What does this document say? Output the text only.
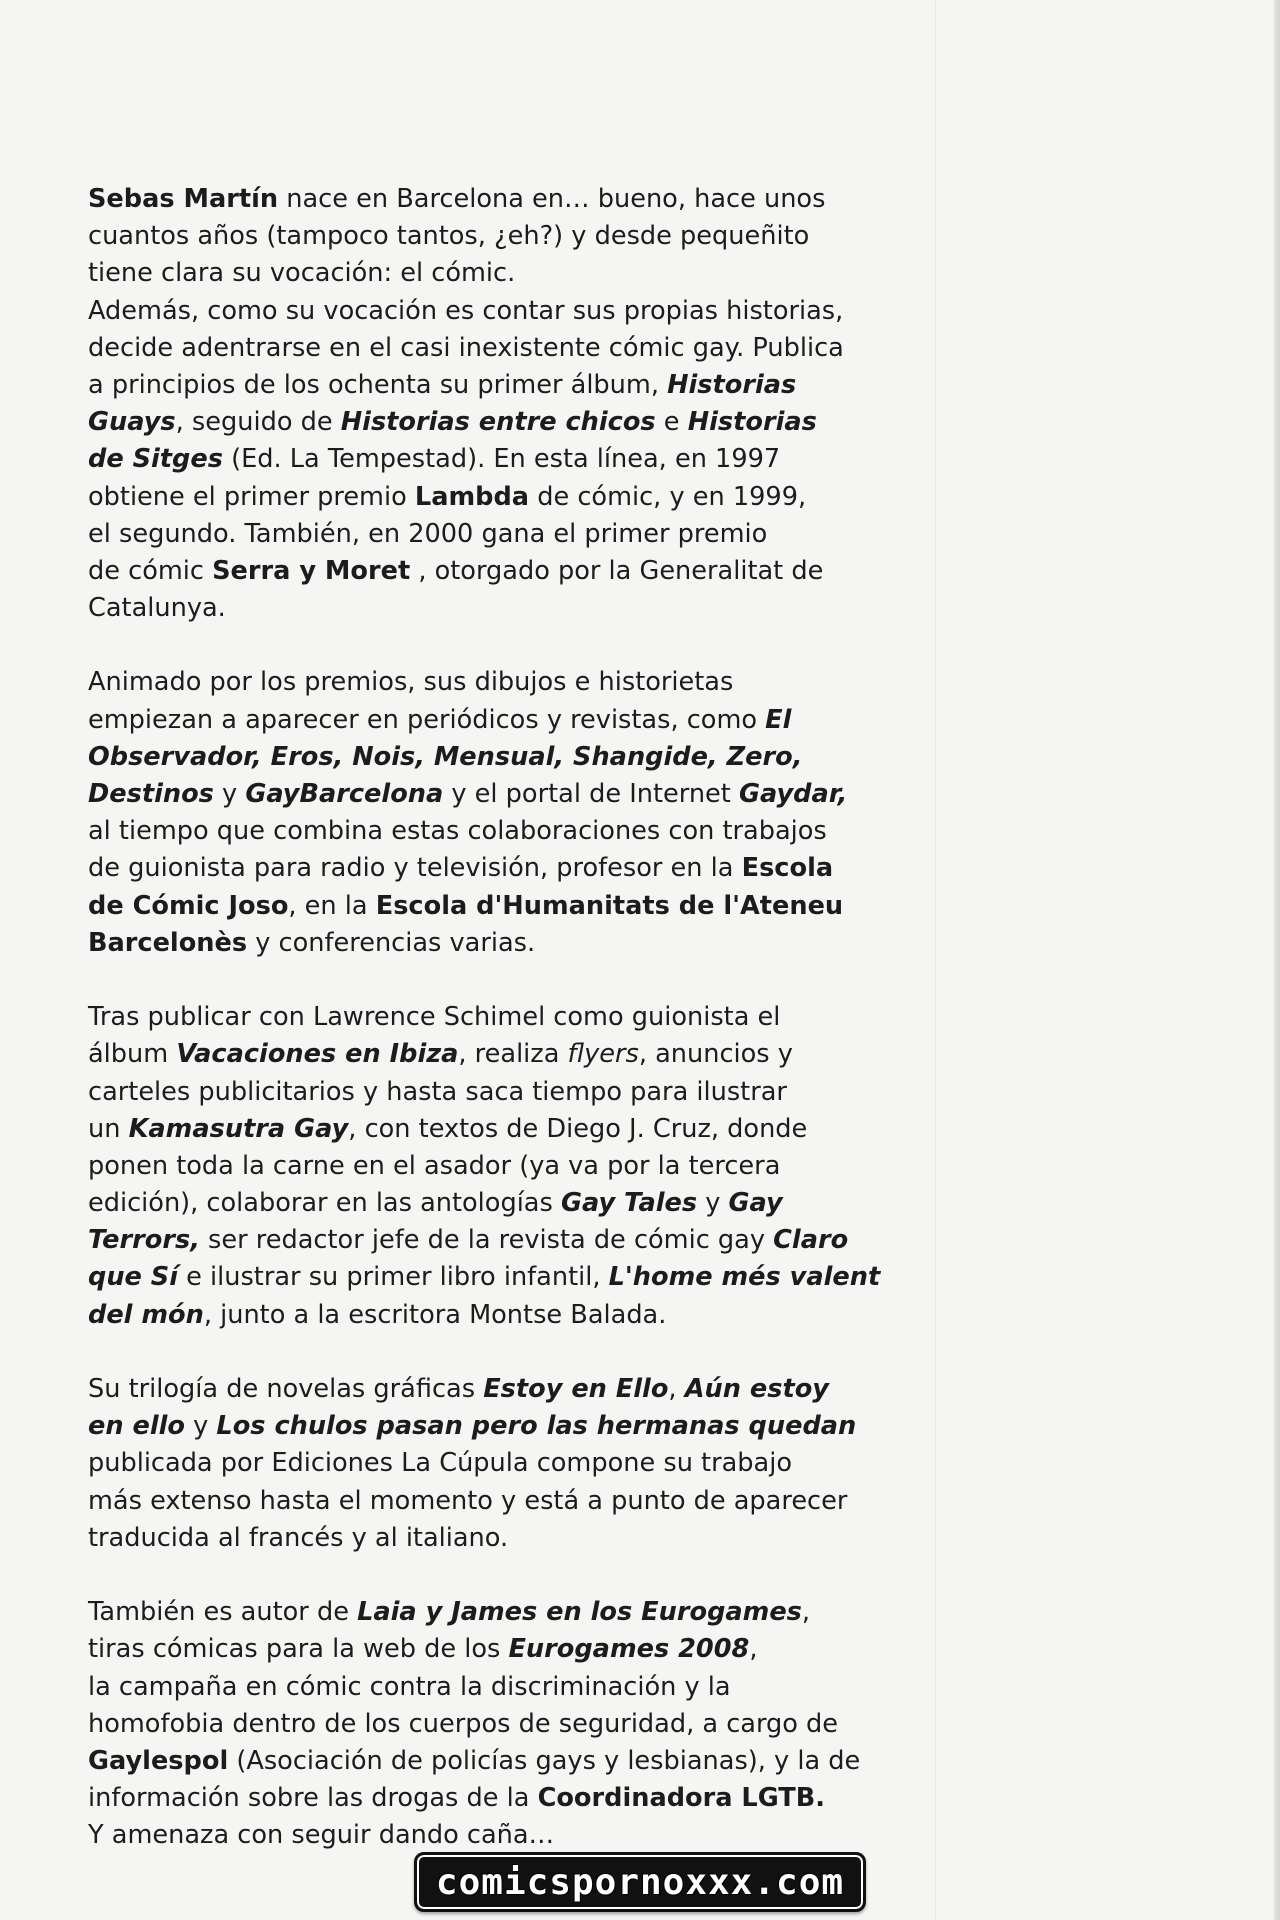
Sebas Martín nace en Barcelona en… bueno, hace unos
cuantos años (tampoco tantos, ¿eh?) y desde pequeñito
tiene clara su vocación: el cómic.
Además, como su vocación es contar sus propias historias,
decide adentrarse en el casi inexistente cómic gay. Publica
a principios de los ochenta su primer álbum, Historias
Guays, seguido de Historias entre chicos e Historias
de Sitges (Ed. La Tempestad). En esta línea, en 1997
obtiene el primer premio Lambda de cómic, y en 1999,
el segundo. También, en 2000 gana el primer premio
de cómic Serra y Moret , otorgado por la Generalitat de
Catalunya.

Animado por los premios, sus dibujos e historietas
empiezan a aparecer en periódicos y revistas, como El
Observador, Eros, Nois, Mensual, Shangide, Zero,
Destinos y GayBarcelona y el portal de Internet Gaydar,
al tiempo que combina estas colaboraciones con trabajos
de guionista para radio y televisión, profesor en la Escola
de Cómic Joso, en la Escola d'Humanitats de l'Ateneu
Barcelonès y conferencias varias.

Tras publicar con Lawrence Schimel como guionista el
álbum Vacaciones en Ibiza, realiza flyers, anuncios y
carteles publicitarios y hasta saca tiempo para ilustrar
un Kamasutra Gay, con textos de Diego J. Cruz, donde
ponen toda la carne en el asador (ya va por la tercera
edición), colaborar en las antologías Gay Tales y Gay
Terrors, ser redactor jefe de la revista de cómic gay Claro
que Sí e ilustrar su primer libro infantil, L'home més valent
del món, junto a la escritora Montse Balada.

Su trilogía de novelas gráficas Estoy en Ello, Aún estoy
en ello y Los chulos pasan pero las hermanas quedan
publicada por Ediciones La Cúpula compone su trabajo
más extenso hasta el momento y está a punto de aparecer
traducida al francés y al italiano.

También es autor de Laia y James en los Eurogames,
tiras cómicas para la web de los Eurogames 2008,
la campaña en cómic contra la discriminación y la
homofobia dentro de los cuerpos de seguridad, a cargo de
Gaylespol (Asociación de policías gays y lesbianas), y la de
información sobre las drogas de la Coordinadora LGTB.
Y amenaza con seguir dando caña…

comicspornoxxx.com
